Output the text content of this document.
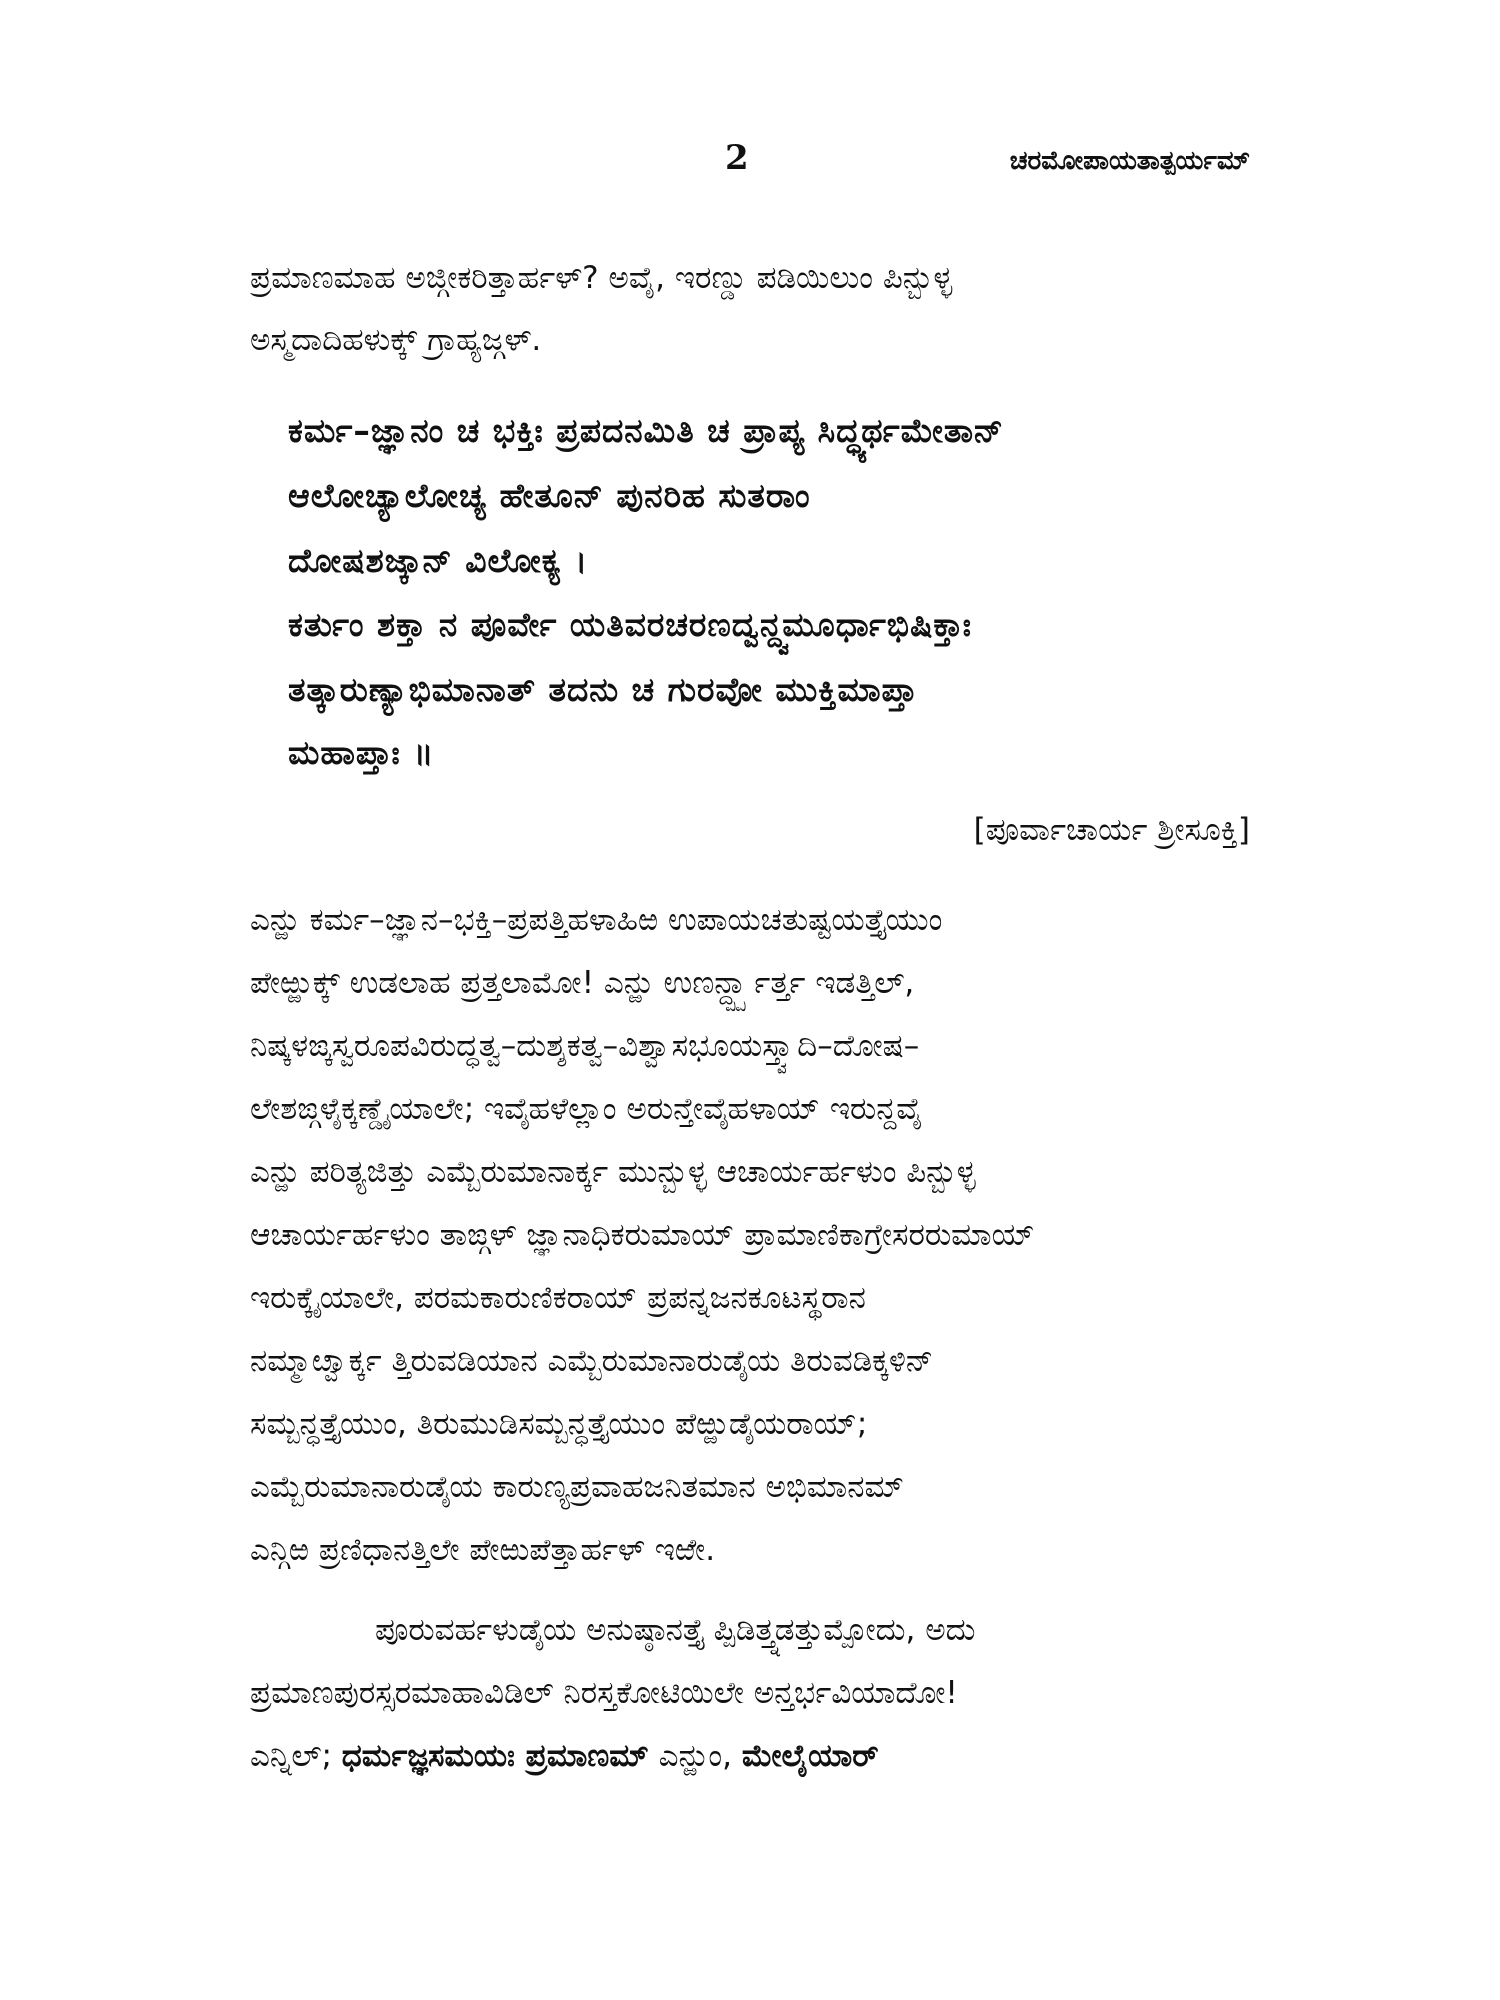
2	ಚರಮೋಪಾಯತಾತ್ಪರ್ಯಮ್
ಪ್ರಮಾಣಮಾಹ ಅಜ್ಗೀಕರಿತ್ತಾರ್ಹಳ್? ಅವೈ, ಇರಣ್ಡು ಪಡಿಯಿಲುಂ ಪಿನ್ಬುಳ್ಳ
ಅಸ್ಮದಾದಿಹಳುಕ್ಕ್ ಗ್ರಾಹ್ಯಜ್ಗಳ್.
ಕರ್ಮ–ಜ್ಞಾನಂ ಚ ಭಕ್ತಿಃ ಪ್ರಪದನಮಿತಿ ಚ ಪ್ರಾಪ್ಯ ಸಿದ್ಧ್ಯರ್ಥಮೇತಾನ್
ಆಲೋಚ್ಯಾಲೋಚ್ಯ ಹೇತೂನ್ ಪುನರಿಹ ಸುತರಾಂ
ದೋಷಶಜ್ಕಾನ್ ವಿಲೋಕ್ಯ ।
ಕರ್ತುಂ ಶಕ್ತಾ ನ ಪೂರ್ವೇ ಯತಿವರಚರಣದ್ವನ್ದ್ವಮೂರ್ಧಾಭಿಷಿಕ್ತಾಃ
ತತ್ಕಾರುಣ್ಯಾಭಿಮಾನಾತ್ ತದನು ಚ ಗುರವೋ ಮುಕ್ತಿಮಾಪ್ತಾ
ಮಹಾಪ್ತಾಃ ॥
[ಪೂರ್ವಾಚಾರ್ಯ ಶ್ರೀಸೂಕ್ತಿ]
ಎನ್ಱು ಕರ್ಮ–ಜ್ಞಾನ–ಭಕ್ತಿ–ಪ್ರಪತ್ತಿಹಳಾಹಿಱ ಉಪಾಯಚತುಷ್ಟಯತ್ತೈಯುಂ
ಪೇಱ್ಱುಕ್ಕ್ ಉಡಲಾಹ ಪ್ರತ್ತಲಾಮೋ! ಎನ್ಱು ಉಣರ್ನ್ದ್ಪ್ಪಾರ್ತ್ತ ಇಡತ್ತಿಲ್,
ನಿಷ್ಕಳಙ್ಕಸ್ವರೂಪವಿರುದ್ಧತ್ವ–ದುಶ್ಶಕತ್ವ–ವಿಶ್ವಾಸಭೂಯಸ್ತ್ವಾದಿ–ದೋಷ–
ಲೇಶಙ್ಗಳೈಕ್ಕಣ್ಡೈಯಾಲೇ; ಇವೈಹಳೆಲ್ಲಾಂ ಅರುನ್ತೇವೈಹಳಾಯ್ ಇರುನ್ದವೈ
ಎನ್ಱು ಪರಿತ್ಯಜಿತ್ತು ಎಮ್ಬೆರುಮಾನಾರ್ಕ್ಕ ಮುನ್ಬುಳ್ಳ ಆಚಾರ್ಯರ್ಹಳುಂ ಪಿನ್ಬುಳ್ಳ
ಆಚಾರ್ಯರ್ಹಳುಂ ತಾಙ್ಗಳ್ ಜ್ಞಾನಾಧಿಕರುಮಾಯ್ ಪ್ರಾಮಾಣಿಕಾಗ್ರೇಸರರುಮಾಯ್
ಇರುಕ್ಕೈಯಾಲೇ, ಪರಮಕಾರುಣಿಕರಾಯ್ ಪ್ರಪನ್ನಜನಕೂಟಸ್ಥರಾನ
ನಮ್ಮಾೞ್ವಾರ್ಕ್ಕ ತ್ತಿರುವಡಿಯಾನ ಎಮ್ಬೆರುಮಾನಾರುಡೈಯ ತಿರುವಡಿಕ್ಕಳಿನ್
ಸಮ್ಬನ್ಧತ್ತೈಯುಂ, ತಿರುಮುಡಿಸಮ್ಬನ್ಧತ್ತೈಯುಂ ಪೆಱ್ಱುಡೈಯರಾಯ್;
ಎಮ್ಬೆರುಮಾನಾರುಡೈಯ ಕಾರುಣ್ಯಪ್ರವಾಹಜನಿತಮಾನ ಅಭಿಮಾನಮ್
ಎನ್ಗಿಱ ಪ್ರಣಿಧಾನತ್ತಿಲೇ ಪೇಱುಪೆತ್ತಾರ್ಹಳ್ ಇಱೇ.
ಪೂರುವರ್ಹಳುಡೈಯ ಅನುಷ್ಠಾನತ್ತೈ ಪ್ಪಿಡಿತ್ತ್ನಡತ್ತುಮ್ಪೋದು, ಅದು
ಪ್ರಮಾಣಪುರಸ್ಸರಮಾಹಾವಿಡಿಲ್ ನಿರಸ್ತಕೋಟಿಯಿಲೇ ಅನ್ತರ್ಭವಿಯಾದೋ!
ಎನ್ನಿಲ್; ಧರ್ಮಜ್ಞಸಮಯಃ ಪ್ರಮಾಣಮ್ ಎನ್ಱುಂ, ಮೇಲೈಯಾರ್
